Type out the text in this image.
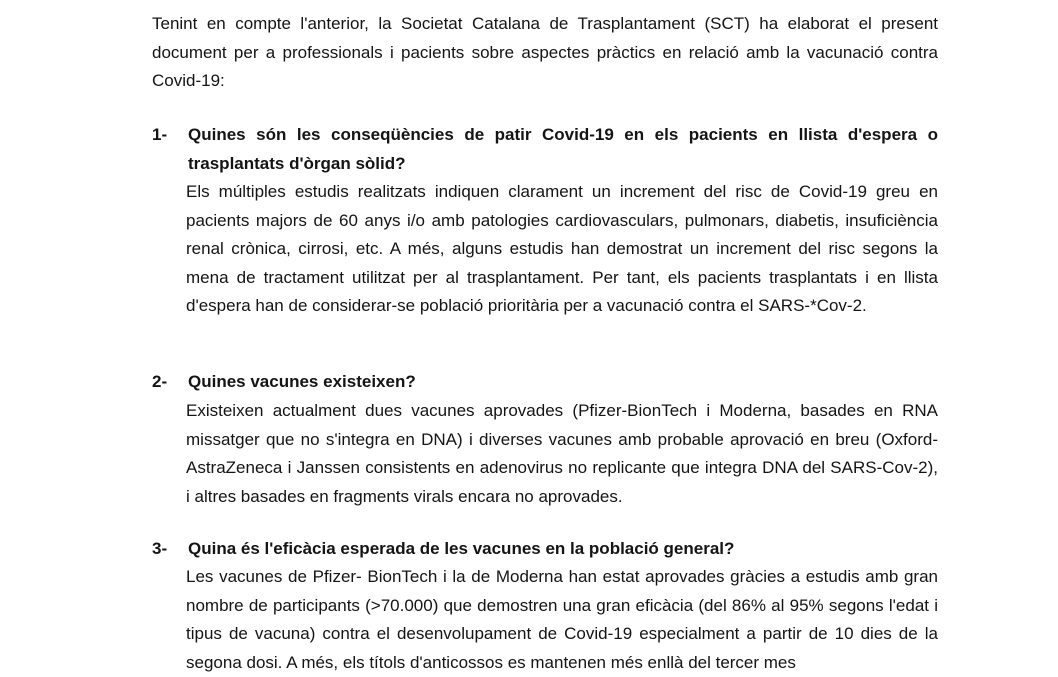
Tenint en compte l'anterior, la Societat Catalana de Trasplantament (SCT) ha elaborat el present document per a professionals i pacients sobre aspectes pràctics en relació amb la vacunació contra Covid-19:

1- Quines són les conseqüències de patir Covid-19 en els pacients en llista d'espera o trasplantats d'òrgan sòlid?
Els múltiples estudis realitzats indiquen clarament un increment del risc de Covid-19 greu en pacients majors de 60 anys i/o amb patologies cardiovasculars, pulmonars, diabetis, insuficiència renal crònica, cirrosi, etc. A més, alguns estudis han demostrat un increment del risc segons la mena de tractament utilitzat per al trasplantament. Per tant, els pacients trasplantats i en llista d'espera han de considerar-se població prioritària per a vacunació contra el SARS-*Cov-2.
2- Quines vacunes existeixen?
Existeixen actualment dues vacunes aprovades (Pfizer-BionTech i Moderna, basades en RNA missatger que no s'integra en DNA) i diverses vacunes amb probable aprovació en breu (Oxford-AstraZeneca i Janssen consistents en adenovirus no replicante que integra DNA del SARS-Cov-2), i altres basades en fragments virals encara no aprovades.
3- Quina és l'eficàcia esperada de les vacunes en la població general?
Les vacunes de Pfizer- BionTech i la de Moderna han estat aprovades gràcies a estudis amb gran nombre de participants (>70.000) que demostren una gran eficàcia (del 86% al 95% segons l'edat i tipus de vacuna) contra el desenvolupament de Covid-19 especialment a partir de 10 dies de la segona dosi. A més, els títols d'anticossos es mantenen més enllà del tercer mes
